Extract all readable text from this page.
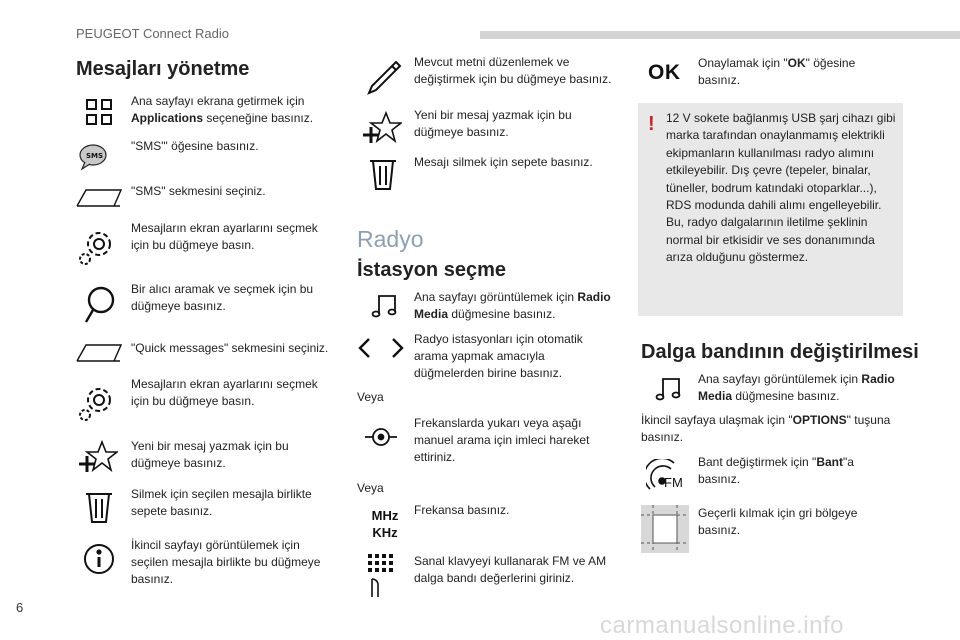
PEUGEOT Connect Radio
Mesajları yönetme
Ana sayfayı ekrana getirmek için Applications seçeneğine basınız.
SMS
"SMS"' öğesine basınız.
"SMS" sekmesini seçiniz.
Mesajların ekran ayarlarını seçmek için bu düğmeye basın.
Bir alıcı aramak ve seçmek için bu düğmeye basınız.
"Quick messages" sekmesini seçiniz.
Mesajların ekran ayarlarını seçmek için bu düğmeye basın.
Yeni bir mesaj yazmak için bu düğmeye basınız.
Silmek için seçilen mesajla birlikte sepete basınız.
İkincil sayfayı görüntülemek için seçilen mesajla birlikte bu düğmeye basınız.
Mevcut metni düzenlemek ve değiştirmek için bu düğmeye basınız.
Yeni bir mesaj yazmak için bu düğmeye basınız.
Mesajı silmek için sepete basınız.
Radyo
İstasyon seçme
Ana sayfayı görüntülemek için Radio Media düğmesine basınız.
Radyo istasyonları için otomatik arama yapmak amacıyla düğmelerden birine basınız.
Veya
Frekanslarda yukarı veya aşağı manuel arama için imleci hareket ettiriniz.
Veya
MHz
KHz
Frekansa basınız.
Sanal klavyeyi kullanarak FM ve AM dalga bandı değerlerini giriniz.
OK Onaylamak için "OK" öğesine basınız.
! 12 V sokete bağlanmış USB şarj cihazı gibi marka tarafından onaylanmamış elektrikli ekipmanların kullanılması radyo alımını etkileyebilir. Dış çevre (tepeler, binalar, tüneller, bodrum katındaki otoparklar...), RDS modunda dahili alımı engelleyebilir. Bu, radyo dalgalarının iletilme şeklinin normal bir etkisidir ve ses donanımında arıza olduğunu göstermez.
Dalga bandının değiştirilmesi
Ana sayfayı görüntülemek için Radio Media düğmesine basınız.
İkincil sayfaya ulaşmak için "OPTIONS" tuşuna basınız.
FM
Bant değiştirmek için "Bant"a basınız.
Geçerli kılmak için gri bölgeye basınız.
6
carmanualsonline.info
